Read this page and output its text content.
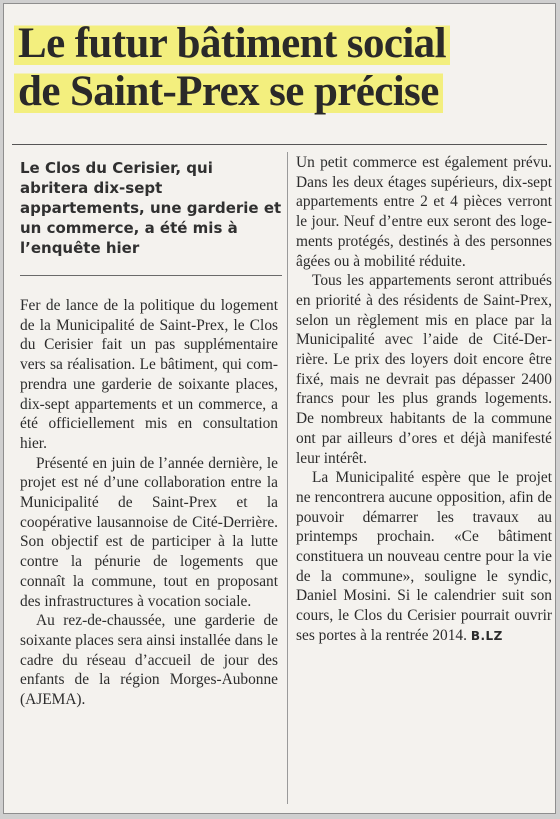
Le futur bâtiment social
de Saint-Prex se précise

Le Clos du Cerisier, qui abritera dix-sept appartements, une garderie et un commerce, a été mis à l’enquête hier

Fer de lance de la politique du logement de la Municipalité de Saint-Prex, le Clos du Cerisier fait un pas supplémentaire vers sa réalisation. Le bâtiment, qui comprendra une garderie de soixante places, dix-sept appartements et un commerce, a été officiellement mis en consultation hier.

Présenté en juin de l’année dernière, le projet est né d’une collaboration entre la Municipalité de Saint-Prex et la coopérative lausannoise de Cité-Derrière. Son objectif est de participer à la lutte contre la pénurie de logements que connaît la commune, tout en proposant des infrastructures à vocation sociale.

Au rez-de-chaussée, une garderie de soixante places sera ainsi installée dans le cadre du réseau d’accueil de jour des enfants de la région Morges-Aubonne (AJEMA).

Un petit commerce est également prévu. Dans les deux étages supérieurs, dix-sept appartements entre 2 et 4 pièces verront le jour. Neuf d’entre eux seront des logements protégés, destinés à des personnes âgées ou à mobilité réduite.

Tous les appartements seront attribués en priorité à des résidents de Saint-Prex, selon un règlement mis en place par la Municipalité avec l’aide de Cité-Derrière. Le prix des loyers doit encore être fixé, mais ne devrait pas dépasser 2400 francs pour les plus grands logements. De nombreux habitants de la commune ont par ailleurs d’ores et déjà manifesté leur intérêt.

La Municipalité espère que le projet ne rencontrera aucune opposition, afin de pouvoir démarrer les travaux au printemps prochain. «Ce bâtiment constituera un nouveau centre pour la vie de la commune», souligne le syndic, Daniel Mosini. Si le calendrier suit son cours, le Clos du Cerisier pourrait ouvrir ses portes à la rentrée 2014. B.LZ
